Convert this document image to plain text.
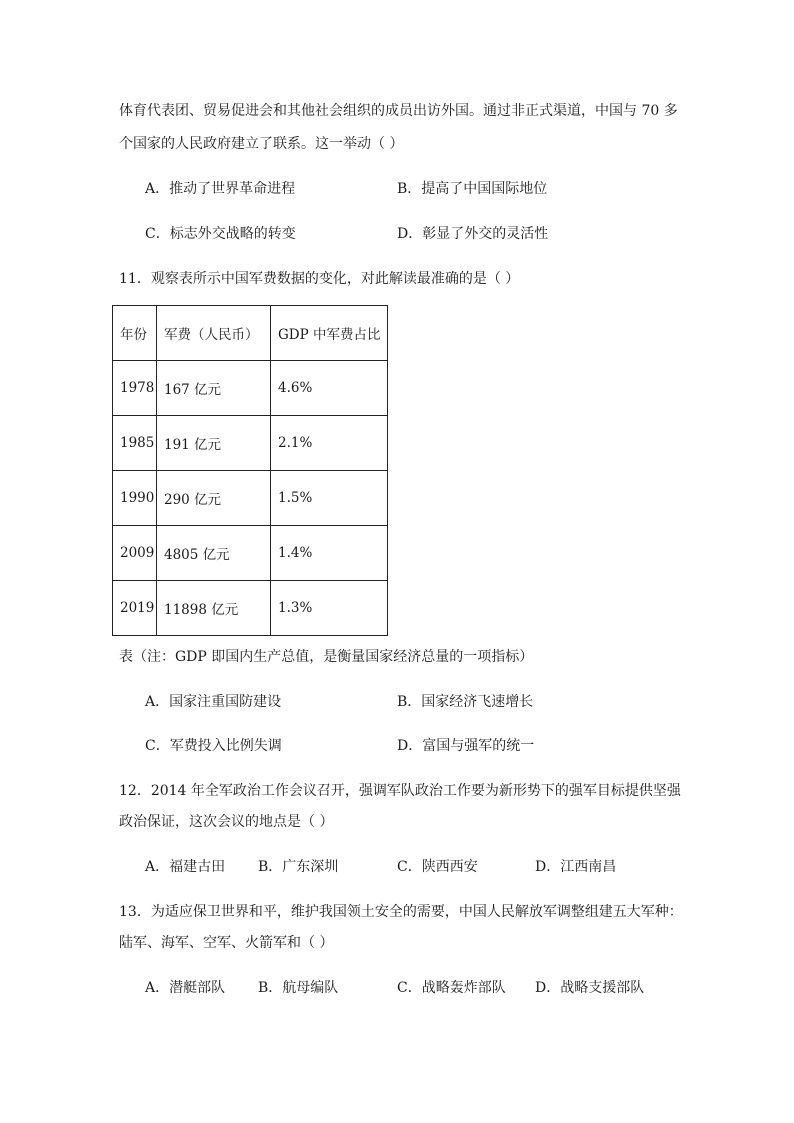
体育代表团、贸易促进会和其他社会组织的成员出访外国。通过非正式渠道，中国与 70 多
个国家的人民政府建立了联系。这一举动（ ）
A．推动了世界革命进程	B．提高了中国国际地位
C．标志外交战略的转变	D．彰显了外交的灵活性
11．观察表所示中国军费数据的变化，对此解读最准确的是（ ）
年份	军费（人民币）	GDP 中军费占比
1978	167 亿元	4.6%
1985	191 亿元	2.1%
1990	290 亿元	1.5%
2009	4805 亿元	1.4%
2019	11898 亿元	1.3%
表（注：GDP 即国内生产总值，是衡量国家经济总量的一项指标）
A．国家注重国防建设	B．国家经济飞速增长
C．军费投入比例失调	D．富国与强军的统一
12．2014 年全军政治工作会议召开，强调军队政治工作要为新形势下的强军目标提供坚强
政治保证，这次会议的地点是（ ）
A．福建古田 B．广东深圳	C．陕西西安	D．江西南昌
13．为适应保卫世界和平，维护我国领土安全的需要，中国人民解放军调整组建五大军种：
陆军、海军、空军、火箭军和（ ）
A．潜艇部队 B．航母编队	C．战略轰炸部队 D．战略支援部队
